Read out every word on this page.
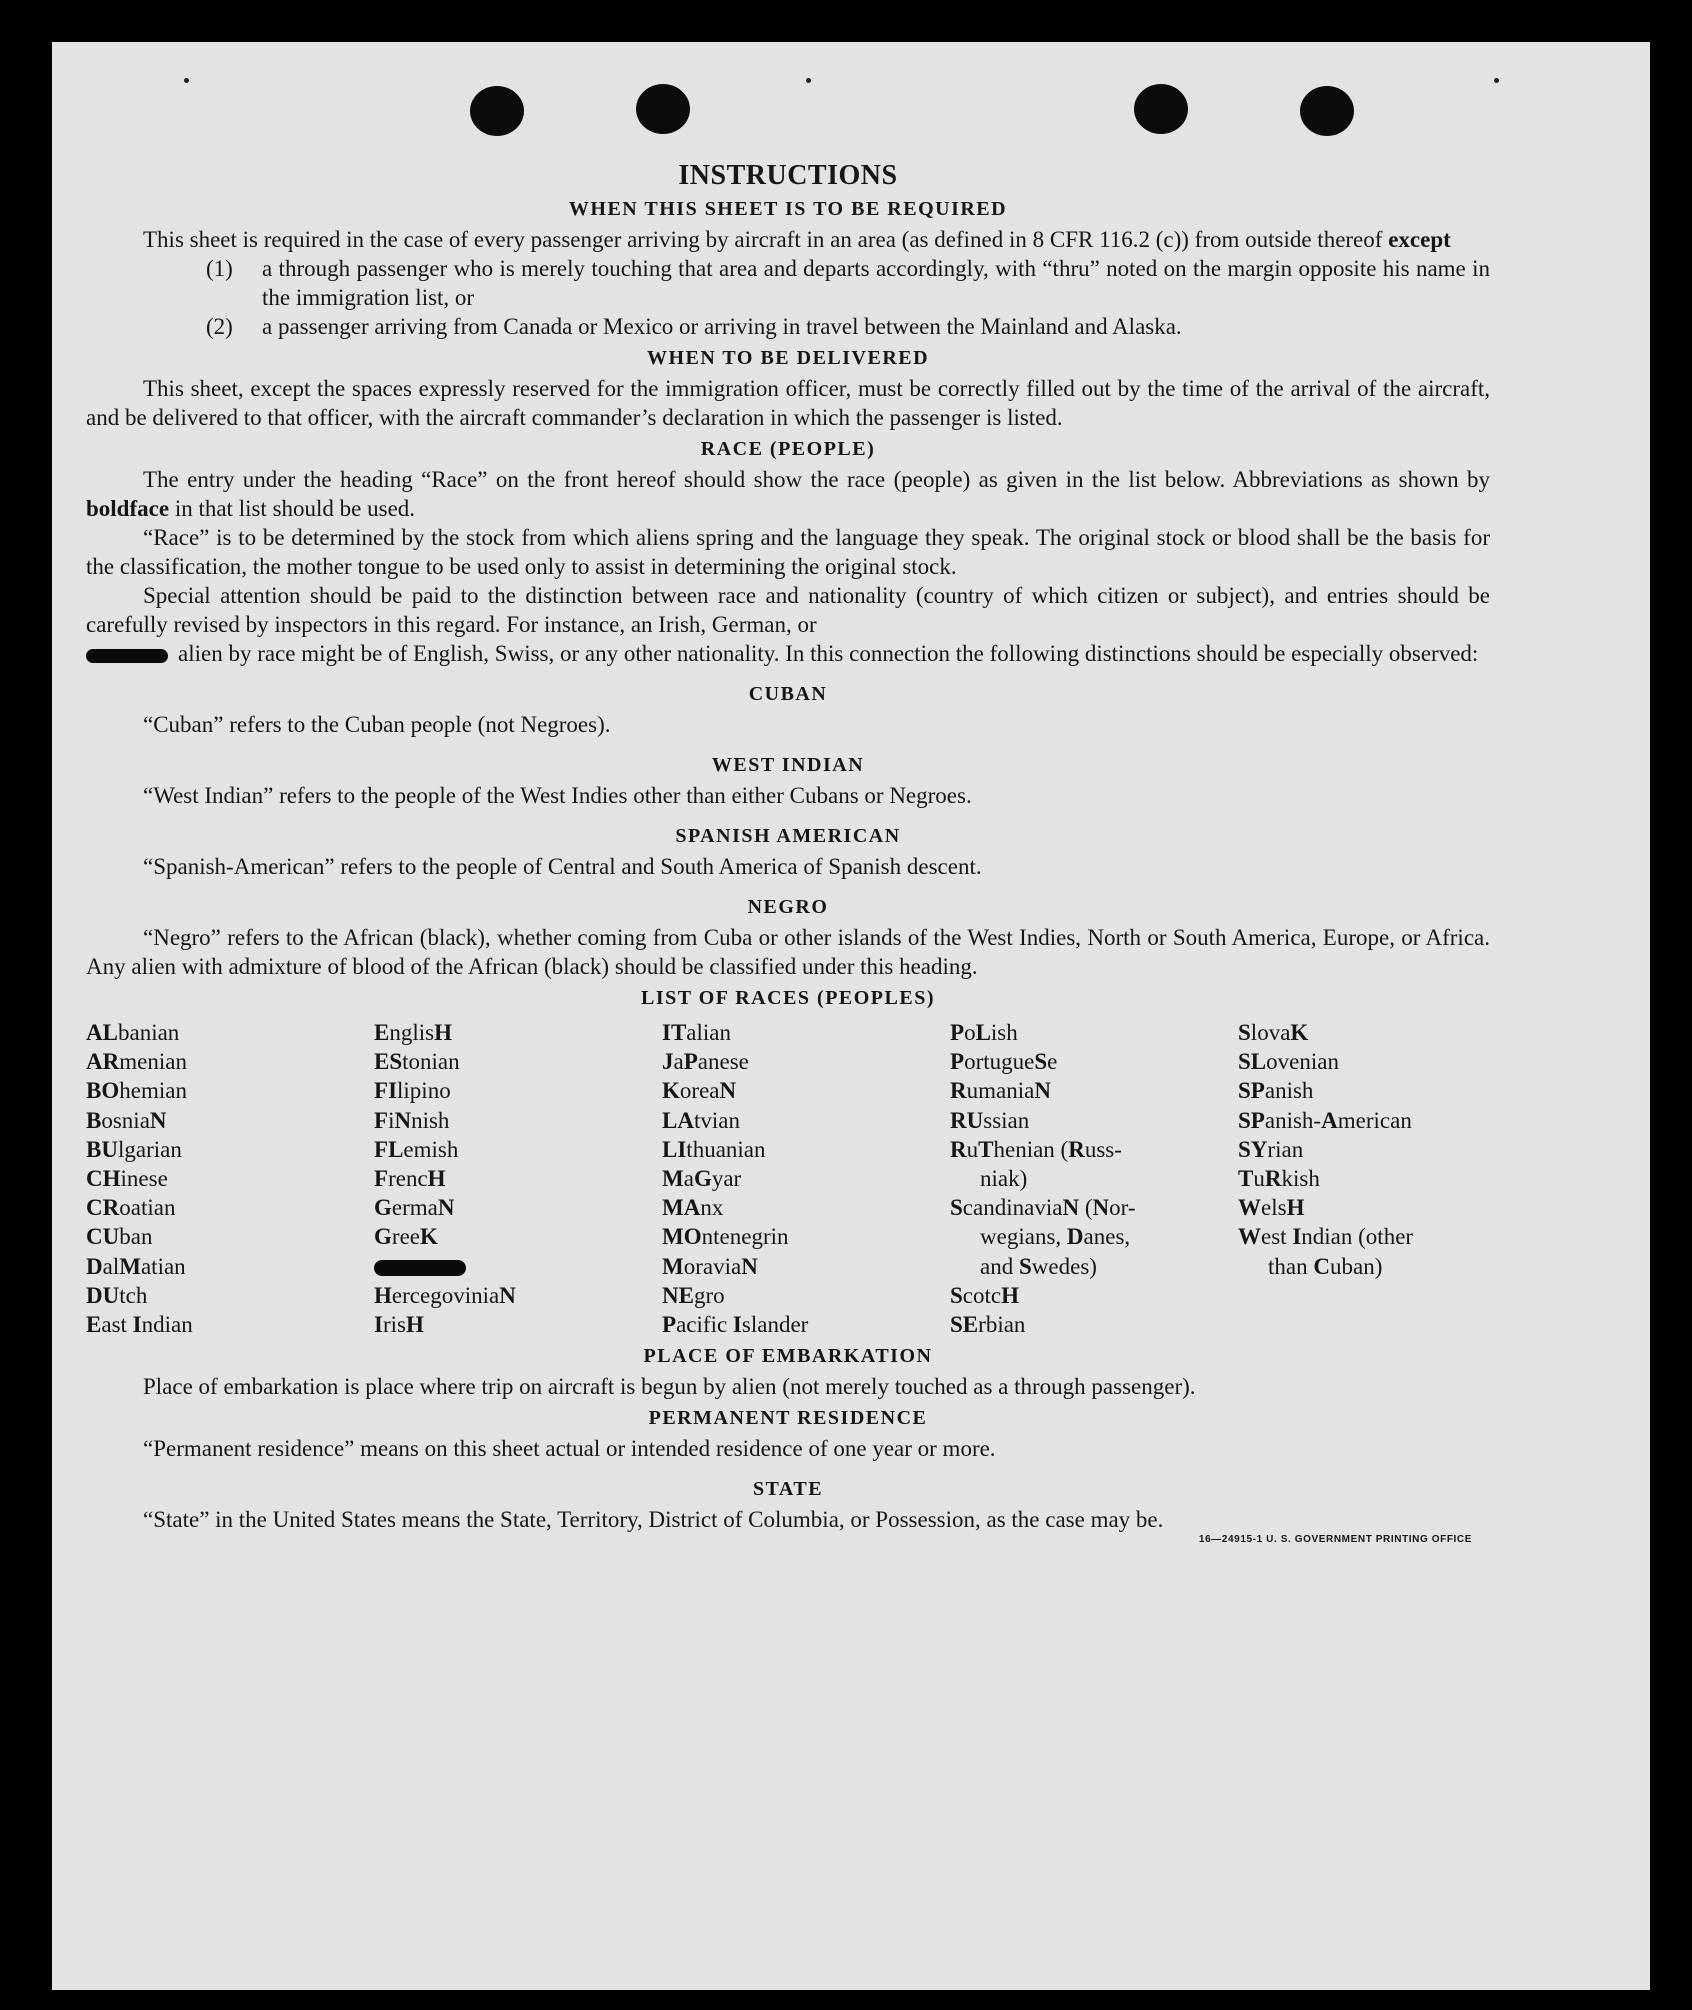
INSTRUCTIONS
WHEN THIS SHEET IS TO BE REQUIRED

This sheet is required in the case of every passenger arriving by aircraft in an area (as defined in 8 CFR 116.2 (c)) from outside thereof except

(1)	a through passenger who is merely touching that area and departs accordingly, with “thru” noted on the margin opposite his name in the immigration list, or
(2)	a passenger arriving from Canada or Mexico or arriving in travel between the Mainland and Alaska.
WHEN TO BE DELIVERED

This sheet, except the spaces expressly reserved for the immigration officer, must be correctly filled out by the time of the arrival of the aircraft, and be delivered to that officer, with the aircraft commander’s declaration in which the passenger is listed.

RACE (PEOPLE)

The entry under the heading “Race” on the front hereof should show the race (people) as given in the list below. Abbreviations as shown by boldface in that list should be used.

“Race” is to be determined by the stock from which aliens spring and the language they speak. The original stock or blood shall be the basis for the classification, the mother tongue to be used only to assist in determining the original stock.

Special attention should be paid to the distinction between race and nationality (country of which citizen or subject), and entries should be carefully revised by inspectors in this regard. For instance, an Irish, German, or
alien by race might be of English, Swiss, or any other nationality. In this connection the following distinctions should be especially observed:

CUBAN

“Cuban” refers to the Cuban people (not Negroes).

WEST INDIAN

“West Indian” refers to the people of the West Indies other than either Cubans or Negroes.

SPANISH AMERICAN

“Spanish-American” refers to the people of Central and South America of Spanish descent.

NEGRO

“Negro” refers to the African (black), whether coming from Cuba or other islands of the West Indies, North or South America, Europe, or Africa. Any alien with admixture of blood of the African (black) should be classified under this heading.

LIST OF RACES (PEOPLES)
ALbanian
ARmenian
BOhemian
BosniaN
BUlgarian
CHinese
CRoatian
CUban
DalMatian
DUtch
East Indian
EnglisH
EStonian
FIlipino
FiNnish
FLemish
FrencH
GermaN
GreeK
HercegoviniaN
IrisH
ITalian
JaPanese
KoreaN
LAtvian
LIthuanian
MaGyar
MAnx
MOntenegrin
MoraviaN
NEgro
Pacific Islander
PoLish
PortugueSe
RumaniaN
RUssian
RuThenian (Russ-
niak)
ScandinaviaN (Nor-
wegians, Danes,
and Swedes)
ScotcH
SErbian
SlovaK
SLovenian
SPanish
SPanish-American
SYrian
TuRkish
WelsH
West Indian (other
than Cuban)
PLACE OF EMBARKATION

Place of embarkation is place where trip on aircraft is begun by alien (not merely touched as a through passenger).

PERMANENT RESIDENCE

“Permanent residence” means on this sheet actual or intended residence of one year or more.

STATE

“State” in the United States means the State, Territory, District of Columbia, or Possession, as the case may be.

16—24915-1 U. S. GOVERNMENT PRINTING OFFICE
